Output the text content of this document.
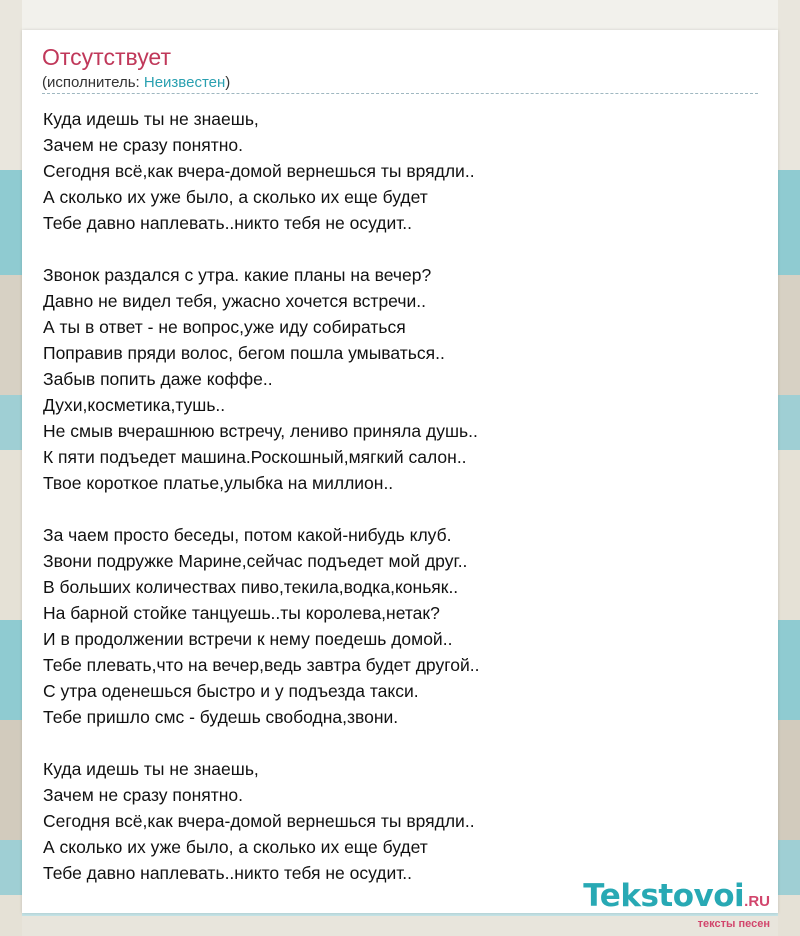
Отсутствует
(исполнитель: Неизвестен)
Куда идешь ты не знаешь,
Зачем не сразу понятно.
Сегодня всё,как вчера-домой вернешься ты врядли..
А сколько их уже было, а сколько их еще будет
Тебе давно наплевать..никто тебя не осудит..
Звонок раздался с утра. какие планы на вечер?
Давно не видел тебя, ужасно хочется встречи..
А ты в ответ - не вопрос,уже иду собираться
Поправив пряди волос, бегом пошла умываться..
Забыв попить даже коффе..
Духи,косметика,тушь..
Не смыв вчерашнюю встречу, лениво приняла душь..
К пяти подъедет машина.Роскошный,мягкий салон..
Твое короткое платье,улыбка на миллион..
За чаем просто беседы, потом какой-нибудь клуб.
Звони подружке Марине,сейчас подъедет мой друг..
В больших количествах пиво,текила,водка,коньяк..
На барной стойке танцуешь..ты королева,нетак?
И в продолжении встречи к нему поедешь домой..
Тебе плевать,что на вечер,ведь завтра будет другой..
С утра оденешься быстро и у подъезда такси.
Тебе пришло смс - будешь свободна,звони.
Куда идешь ты не знаешь,
Зачем не сразу понятно.
Сегодня всё,как вчера-домой вернешься ты врядли..
А сколько их уже было, а сколько их еще будет
Тебе давно наплевать..никто тебя не осудит..
Tekstovoi.RU
тексты песен
